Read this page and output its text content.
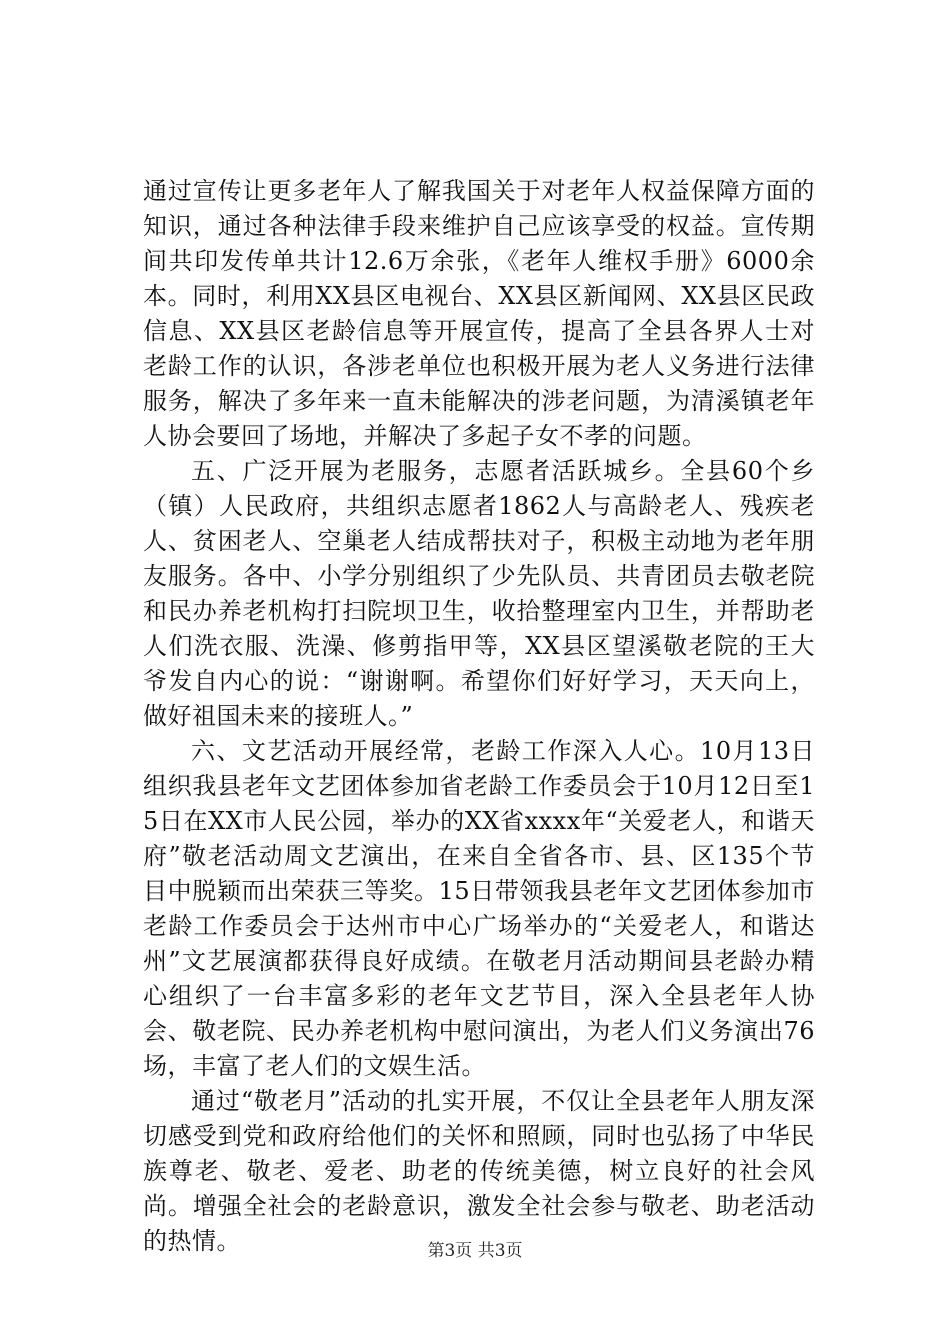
通过宣传让更多老年人了解我国关于对老年人权益保障方面的知识，通过各种法律手段来维护自己应该享受的权益。宣传期间共印发传单共计12.6万余张，《老年人维权手册》6000余本。同时，利用XX县区电视台、XX县区新闻网、XX县区民政信息、XX县区老龄信息等开展宣传，提高了全县各界人士对老龄工作的认识，各涉老单位也积极开展为老人义务进行法律服务，解决了多年来一直未能解决的涉老问题，为清溪镇老年人协会要回了场地，并解决了多起子女不孝的问题。

五、广泛开展为老服务，志愿者活跃城乡。全县60个乡（镇）人民政府，共组织志愿者1862人与高龄老人、残疾老人、贫困老人、空巢老人结成帮扶对子，积极主动地为老年朋友服务。各中、小学分别组织了少先队员、共青团员去敬老院和民办养老机构打扫院坝卫生，收拾整理室内卫生，并帮助老人们洗衣服、洗澡、修剪指甲等，XX县区望溪敬老院的王大爷发自内心的说：“谢谢啊。希望你们好好学习，天天向上，做好祖国未来的接班人。”

六、文艺活动开展经常，老龄工作深入人心。10月13日组织我县老年文艺团体参加省老龄工作委员会于10月12日至15日在XX市人民公园，举办的XX省xxxx年“关爱老人，和谐天府”敬老活动周文艺演出，在来自全省各市、县、区135个节目中脱颖而出荣获三等奖。15日带领我县老年文艺团体参加市老龄工作委员会于达州市中心广场举办的“关爱老人，和谐达州”文艺展演都获得良好成绩。在敬老月活动期间县老龄办精心组织了一台丰富多彩的老年文艺节目，深入全县老年人协会、敬老院、民办养老机构中慰问演出，为老人们义务演出76场，丰富了老人们的文娱生活。

通过“敬老月”活动的扎实开展，不仅让全县老年人朋友深切感受到党和政府给他们的关怀和照顾，同时也弘扬了中华民族尊老、敬老、爱老、助老的传统美德，树立良好的社会风尚。增强全社会的老龄意识，激发全社会参与敬老、助老活动的热情。	第3页 共3页
